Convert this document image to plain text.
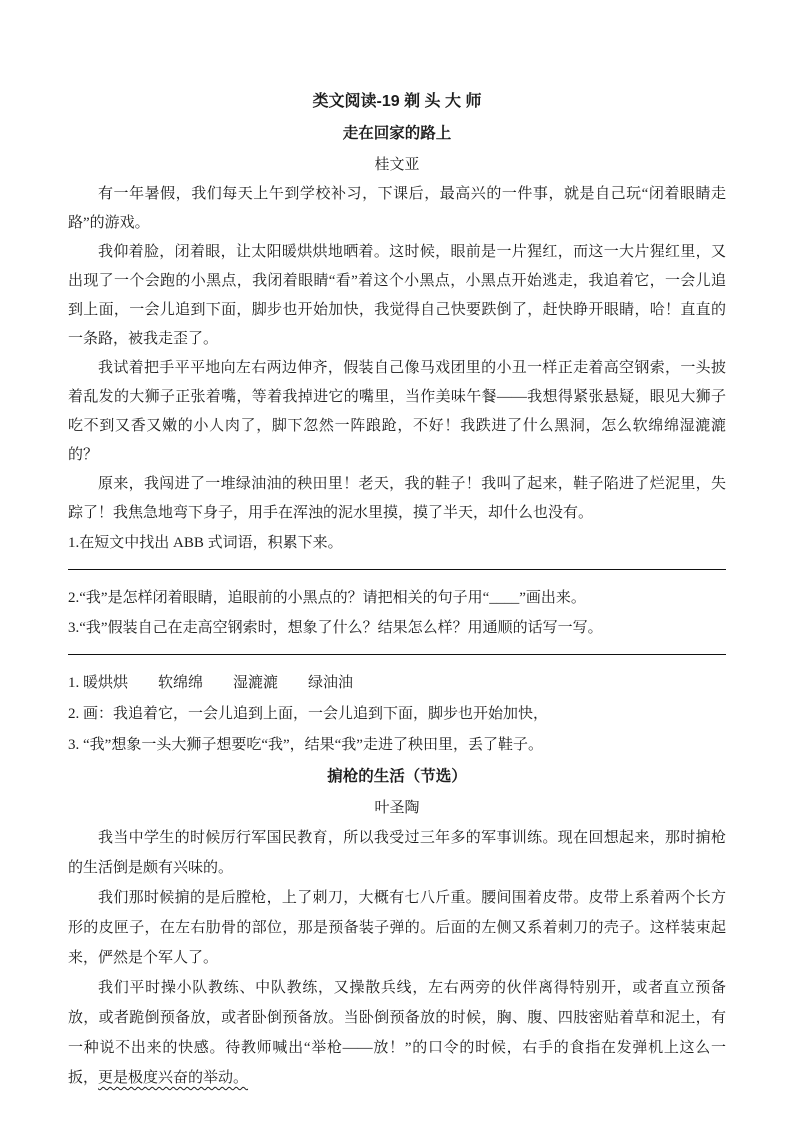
类文阅读-19 剃 头 大 师
走在回家的路上

桂文亚

有一年暑假，我们每天上午到学校补习，下课后，最高兴的一件事，就是自己玩“闭着眼睛走路”的游戏。

我仰着脸，闭着眼，让太阳暖烘烘地晒着。这时候，眼前是一片猩红，而这一大片猩红里，又出现了一个会跑的小黑点，我闭着眼睛“看”着这个小黑点，小黑点开始逃走，我追着它，一会儿追到上面，一会儿追到下面，脚步也开始加快，我觉得自己快要跌倒了，赶快睁开眼睛，哈！直直的一条路，被我走歪了。

我试着把手平平地向左右两边伸齐，假装自己像马戏团里的小丑一样正走着高空钢索，一头披着乱发的大狮子正张着嘴，等着我掉进它的嘴里，当作美味午餐——我想得紧张悬疑，眼见大狮子吃不到又香又嫩的小人肉了，脚下忽然一阵踉跄，不好！我跌进了什么黑洞，怎么软绵绵湿漉漉的？

原来，我闯进了一堆绿油油的秧田里！老天，我的鞋子！我叫了起来，鞋子陷进了烂泥里，失踪了！我焦急地弯下身子，用手在浑浊的泥水里摸，摸了半天，却什么也没有。

1.在短文中找出 ABB 式词语，积累下来。

2.“我”是怎样闭着眼睛，追眼前的小黑点的？请把相关的句子用“____”画出来。

3.“我”假装自己在走高空钢索时，想象了什么？结果怎么样？用通顺的话写一写。

1. 暖烘烘　　软绵绵　　湿漉漉　　绿油油

2. 画：我追着它，一会儿追到上面，一会儿追到下面，脚步也开始加快，

3. “我”想象一头大狮子想要吃“我”，结果“我”走进了秧田里，丢了鞋子。

掮枪的生活（节选）

叶圣陶

我当中学生的时候厉行军国民教育，所以我受过三年多的军事训练。现在回想起来，那时掮枪的生活倒是颇有兴味的。

我们那时候掮的是后膛枪，上了刺刀，大概有七八斤重。腰间围着皮带。皮带上系着两个长方形的皮匣子，在左右肋骨的部位，那是预备装子弹的。后面的左侧又系着刺刀的壳子。这样装束起来，俨然是个军人了。

我们平时操小队教练、中队教练，又操散兵线，左右两旁的伙伴离得特别开，或者直立预备放，或者跪倒预备放，或者卧倒预备放。当卧倒预备放的时候，胸、腹、四肢密贴着草和泥土，有一种说不出来的快感。待教师喊出“举枪——放！”的口令的时候，右手的食指在发弹机上这么一扳，更是极度兴奋的举动。
